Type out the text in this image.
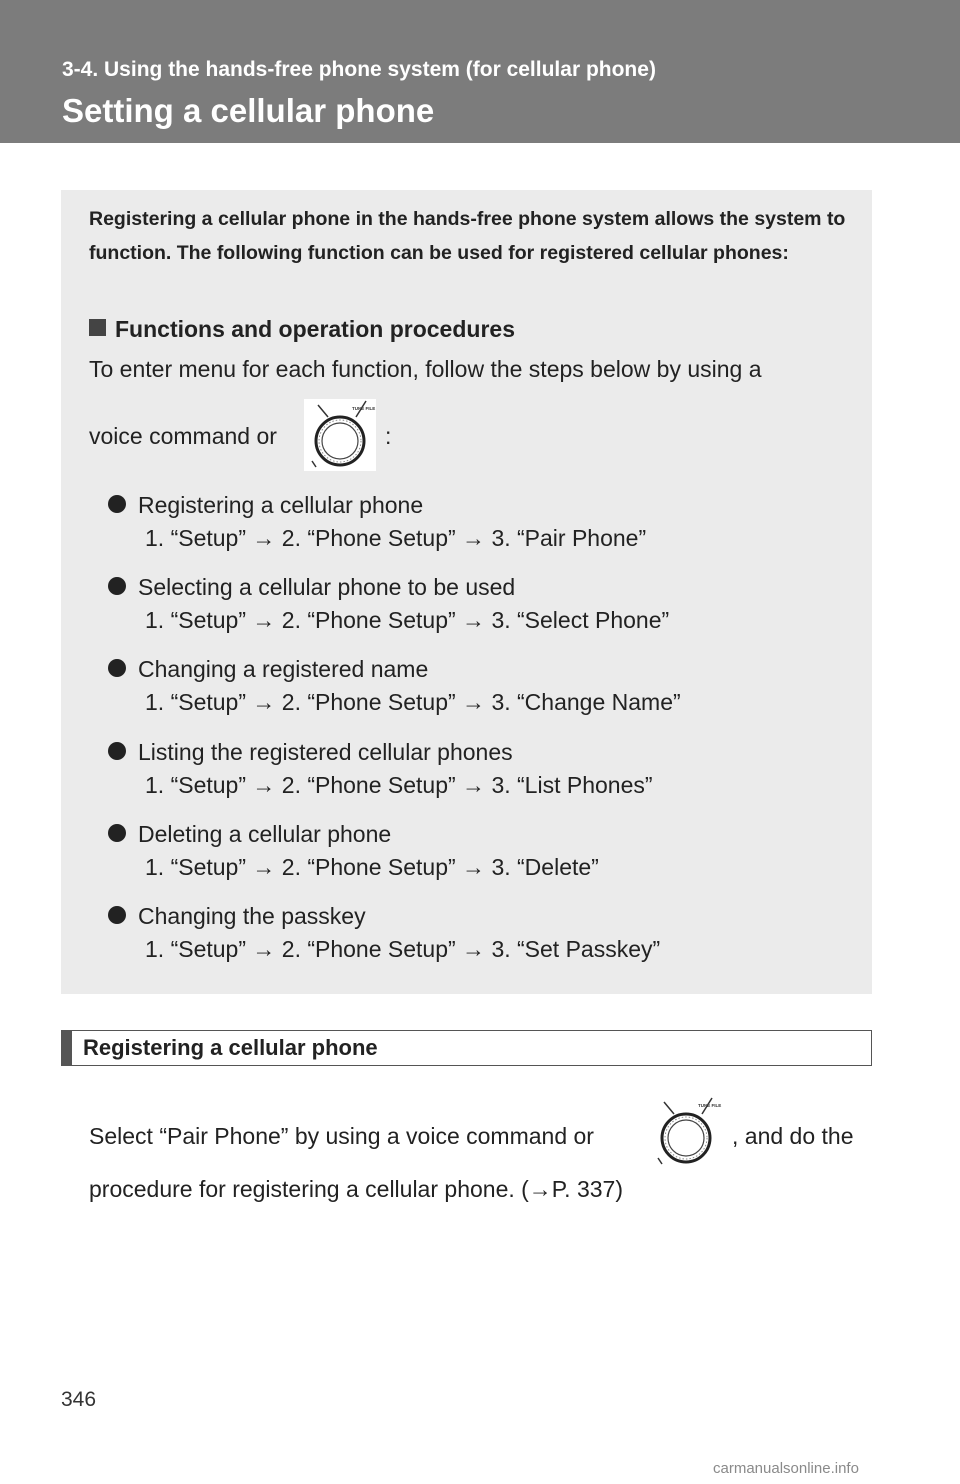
3-4. Using the hands-free phone system (for cellular phone)
Setting a cellular phone
Registering a cellular phone in the hands-free phone system allows the system to function. The following function can be used for registered cellular phones:
Functions and operation procedures
To enter menu for each function, follow the steps below by using a
voice command or
TUNE FILE
:
Registering a cellular phone
1. “Setup” → 2. “Phone Setup” → 3. “Pair Phone”
Selecting a cellular phone to be used
1. “Setup” → 2. “Phone Setup” → 3. “Select Phone”
Changing a registered name
1. “Setup” → 2. “Phone Setup” → 3. “Change Name”
Listing the registered cellular phones
1. “Setup” → 2. “Phone Setup” → 3. “List Phones”
Deleting a cellular phone
1. “Setup” → 2. “Phone Setup” → 3. “Delete”
Changing the passkey
1. “Setup” → 2. “Phone Setup” → 3. “Set Passkey”
Registering a cellular phone
Select “Pair Phone” by using a voice command or
TUNE FILE
, and do the
procedure for registering a cellular phone. (→P. 337)
346
carmanualsonline.info
